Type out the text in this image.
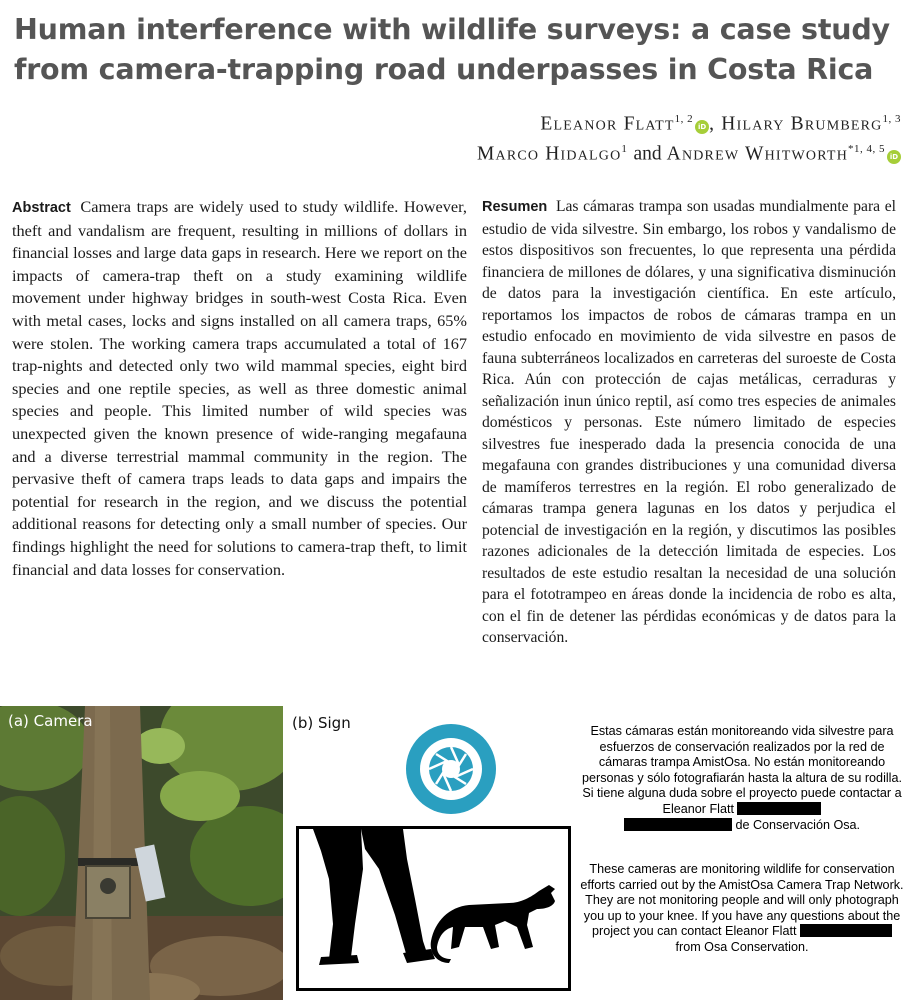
Human interference with wildlife surveys: a case study from camera-trapping road underpasses in Costa Rica
Eleanor Flatt$^{1, 2}$iD , Hilary Brumberg$^{1, 3}$
Marco Hidalgo$^1$ and Andrew Whitworth$^{*1, 4, 5}$iD

Abstract Camera traps are widely used to study wildlife. However, theft and vandalism are frequent, resulting in millions of dollars in financial losses and large data gaps in research. Here we report on the impacts of camera-trap theft on a study examining wildlife movement under highway bridges in south-west Costa Rica. Even with metal cases, locks and signs installed on all camera traps, 65% were stolen. The working camera traps accumulated a total of 167 trap-nights and detected only two wild mammal species, eight bird species and one reptile species, as well as three domestic animal species and people. This limited number of wild species was unexpected given the known presence of wide-ranging megafauna and a diverse terrestrial mammal community in the region. The pervasive theft of camera traps leads to data gaps and impairs the potential for research in the region, and we discuss the potential additional reasons for detecting only a small number of species. Our findings highlight the need for solutions to camera-trap theft, to limit financial and data losses for conservation.

Resumen Las cámaras trampa son usadas mundialmente para el estudio de vida silvestre. Sin embargo, los robos y vandalismo de estos dispositivos son frecuentes, lo que representa una pérdida financiera de millones de dólares, y una significativa disminución de datos para la investigación científica. En este artículo, reportamos los impactos de robos de cámaras trampa en un estudio enfocado en movimiento de vida silvestre en pasos de fauna subterráneos localizados en carreteras del suroeste de Costa Rica. Aún con protección de cajas metálicas, cerraduras y señalización inun único reptil, así como tres especies de animales domésticos y personas. Este número limitado de especies silvestres fue inesperado dada la presencia conocida de una megafauna con grandes distribuciones y una comunidad diversa de mamíferos terrestres en la región. El robo generalizado de cámaras trampa genera lagunas en los datos y perjudica el potencial de investigación en la región, y discutimos las posibles razones adicionales de la detección limitada de especies. Los resultados de este estudio resaltan la necesidad de una solución para el fototrampeo en áreas donde la incidencia de robo es alta, con el fin de detener las pérdidas económicas y de datos para la conservación.

(a) Camera	(b) Sign	Estas cámaras están monitoreando vida silvestre para esfuerzos de conservación realizados por la red de cámaras trampa AmistOsa. No están monitoreando personas y sólo fotografiarán hasta la altura de su rodilla. Si tiene alguna duda sobre el proyecto puede contactar a Eleanor Flatt
de Conservación Osa.

These cameras are monitoring wildlife for conservation efforts carried out by the AmistOsa Camera Trap Network. They are not monitoring people and will only photograph you up to your knee. If you have any questions about the project you can contact Eleanor Flatt
from Osa Conservation.
